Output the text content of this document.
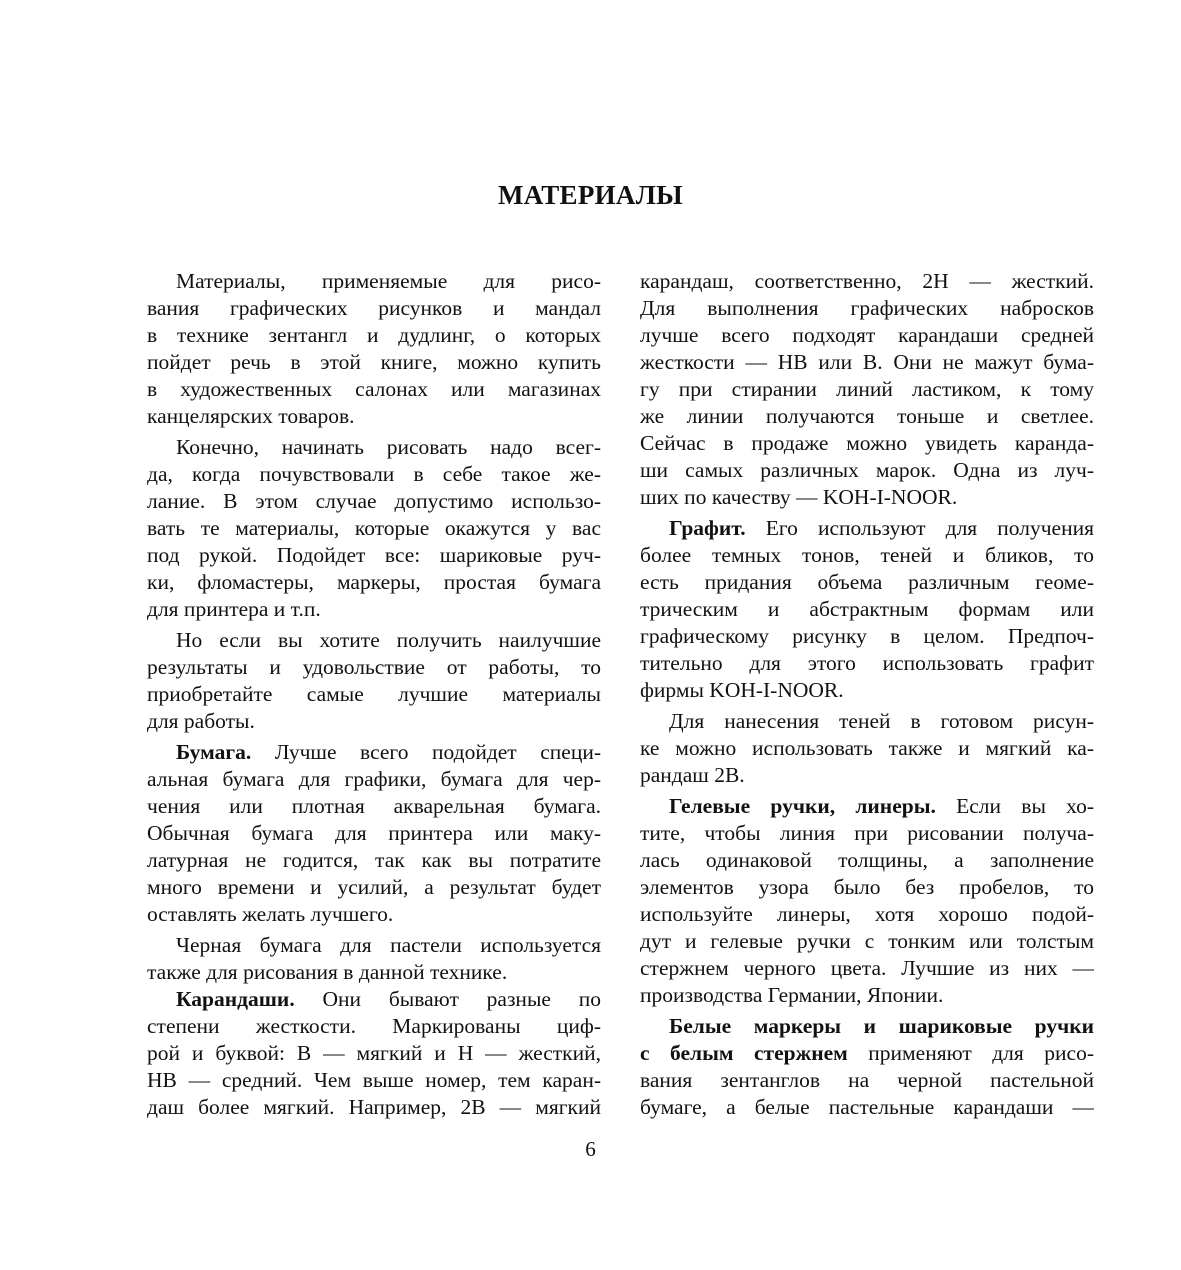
МАТЕРИАЛЫ
Материалы, применяемые для рисо-
вания графических рисунков и мандал
в технике зентангл и дудлинг, о которых
пойдет речь в этой книге, можно купить
в художественных салонах или магазинах
канцелярских товаров.
Конечно, начинать рисовать надо всег-
да, когда почувствовали в себе такое же-
лание. В этом случае допустимо использо-
вать те материалы, которые окажутся у вас
под рукой. Подойдет все: шариковые руч-
ки, фломастеры, маркеры, простая бумага
для принтера и т.п.
Но если вы хотите получить наилучшие
результаты и удовольствие от работы, то
приобретайте самые лучшие материалы
для работы.
Бумага. Лучше всего подойдет специ-
альная бумага для графики, бумага для чер-
чения или плотная акварельная бумага.
Обычная бумага для принтера или маку-
латурная не годится, так как вы потратите
много времени и усилий, а результат будет
оставлять желать лучшего.
Черная бумага для пастели используется
также для рисования в данной технике.
Карандаши. Они бывают разные по
степени жесткости. Маркированы циф-
рой и буквой: В — мягкий и Н — жесткий,
НВ — средний. Чем выше номер, тем каран-
даш более мягкий. Например, 2В — мягкий
карандаш, соответственно, 2Н — жесткий.
Для выполнения графических набросков
лучше всего подходят карандаши средней
жесткости — НВ или В. Они не мажут бума-
гу при стирании линий ластиком, к тому
же линии получаются тоньше и светлее.
Сейчас в продаже можно увидеть каранда-
ши самых различных марок. Одна из луч-
ших по качеству — KOH-I-NOOR.
Графит. Его используют для получения
более темных тонов, теней и бликов, то
есть придания объема различным геоме-
трическим и абстрактным формам или
графическому рисунку в целом. Предпоч-
тительно для этого использовать графит
фирмы KOH-I-NOOR.
Для нанесения теней в готовом рисун-
ке можно использовать также и мягкий ка-
рандаш 2В.
Гелевые ручки, линеры. Если вы хо-
тите, чтобы линия при рисовании получа-
лась одинаковой толщины, а заполнение
элементов узора было без пробелов, то
используйте линеры, хотя хорошо подой-
дут и гелевые ручки с тонким или толстым
стержнем черного цвета. Лучшие из них —
производства Германии, Японии.
Белые маркеры и шариковые ручки
с белым стержнем применяют для рисо-
вания зентанглов на черной пастельной
бумаге, а белые пастельные карандаши —
6
